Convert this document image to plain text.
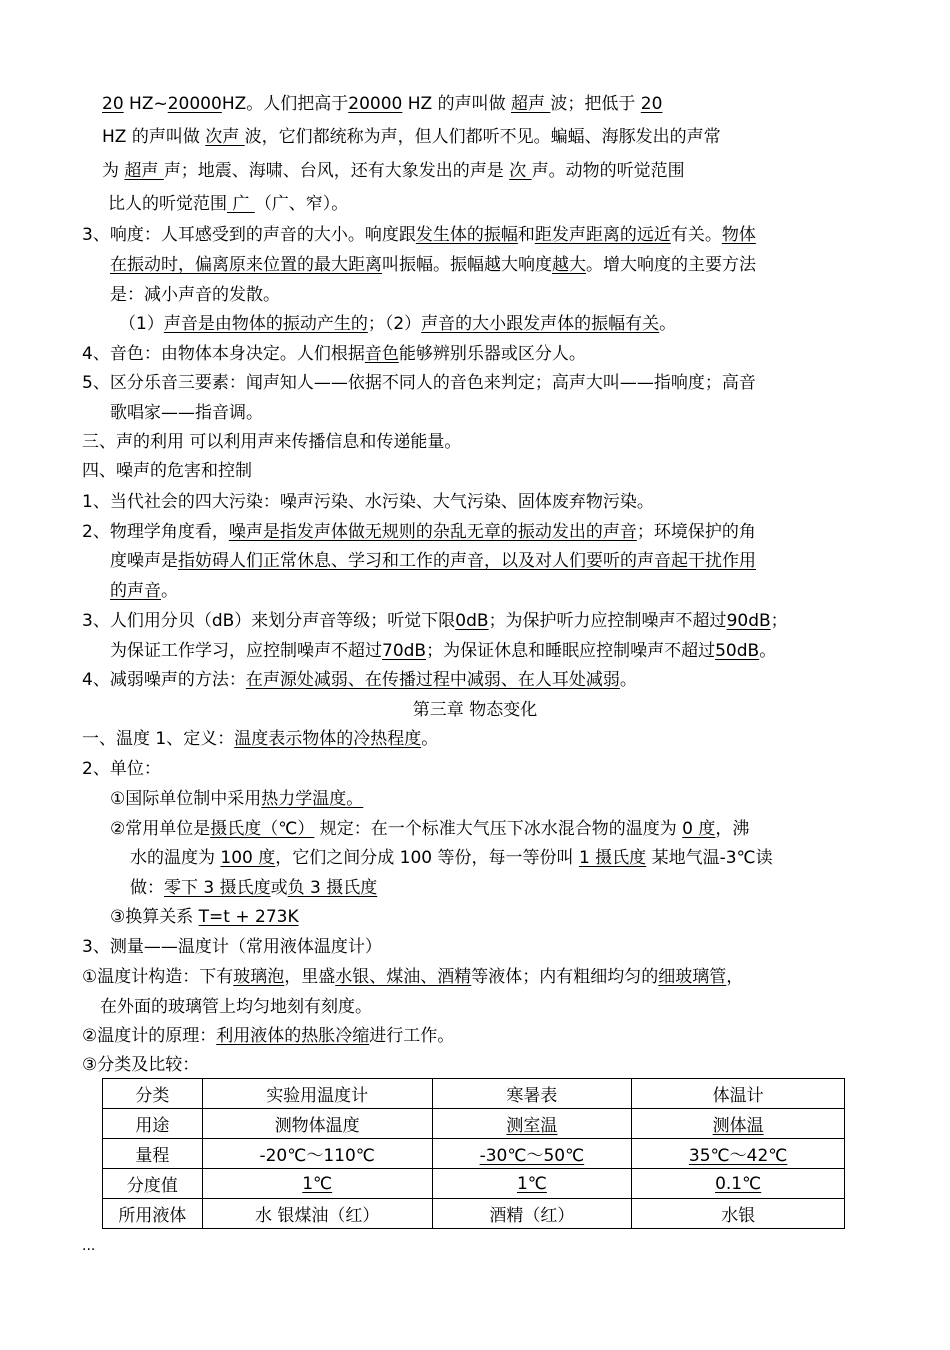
20 HZ~20000HZ。人们把高于20000 HZ 的声叫做 超声 波；把低于 20
HZ 的声叫做 次声 波，它们都统称为声，但人们都听不见。蝙蝠、海豚发出的声常
为 超声 声；地震、海啸、台风，还有大象发出的声是 次 声。动物的听觉范围
比人的听觉范围 广 （广、窄）。
3、响度：人耳感受到的声音的大小。响度跟发生体的振幅和距发声距离的远近有关。物体
在振动时，偏离原来位置的最大距离叫振幅。振幅越大响度越大。增大响度的主要方法
是：减小声音的发散。
（1）声音是由物体的振动产生的；（2）声音的大小跟发声体的振幅有关。
4、音色：由物体本身决定。人们根据音色能够辨别乐器或区分人。
5、区分乐音三要素：闻声知人——依据不同人的音色来判定；高声大叫——指响度；高音
歌唱家——指音调。
三、声的利用 可以利用声来传播信息和传递能量。
四、噪声的危害和控制
1、当代社会的四大污染：噪声污染、水污染、大气污染、固体废弃物污染。
2、物理学角度看，噪声是指发声体做无规则的杂乱无章的振动发出的声音；环境保护的角
度噪声是指妨碍人们正常休息、学习和工作的声音，以及对人们要听的声音起干扰作用
的声音。
3、人们用分贝（dB）来划分声音等级；听觉下限0dB；为保护听力应控制噪声不超过90dB；
为保证工作学习，应控制噪声不超过70dB；为保证休息和睡眠应控制噪声不超过50dB。
4、减弱噪声的方法：在声源处减弱、在传播过程中减弱、在人耳处减弱。
第三章 物态变化
一、温度 1、定义：温度表示物体的冷热程度。
2、单位：
①国际单位制中采用热力学温度。
②常用单位是摄氏度（℃） 规定：在一个标准大气压下冰水混合物的温度为 0 度，沸
水的温度为 100 度，它们之间分成 100 等份，每一等份叫 1 摄氏度 某地气温-3℃读
做：零下 3 摄氏度或负 3 摄氏度
③换算关系 T=t + 273K
3、测量——温度计（常用液体温度计）
①温度计构造：下有玻璃泡，里盛水银、煤油、酒精等液体；内有粗细均匀的细玻璃管，
在外面的玻璃管上均匀地刻有刻度。
②温度计的原理：利用液体的热胀冷缩进行工作。
③分类及比较：
分类	实验用温度计	寒暑表	体温计
用途	测物体温度	测室温	测体温
量程	-20℃～110℃	-30℃～50℃	35℃～42℃
分度值	1℃	1℃	0.1℃
所用液体	水 银煤油（红）	酒精（红）	水银
...
